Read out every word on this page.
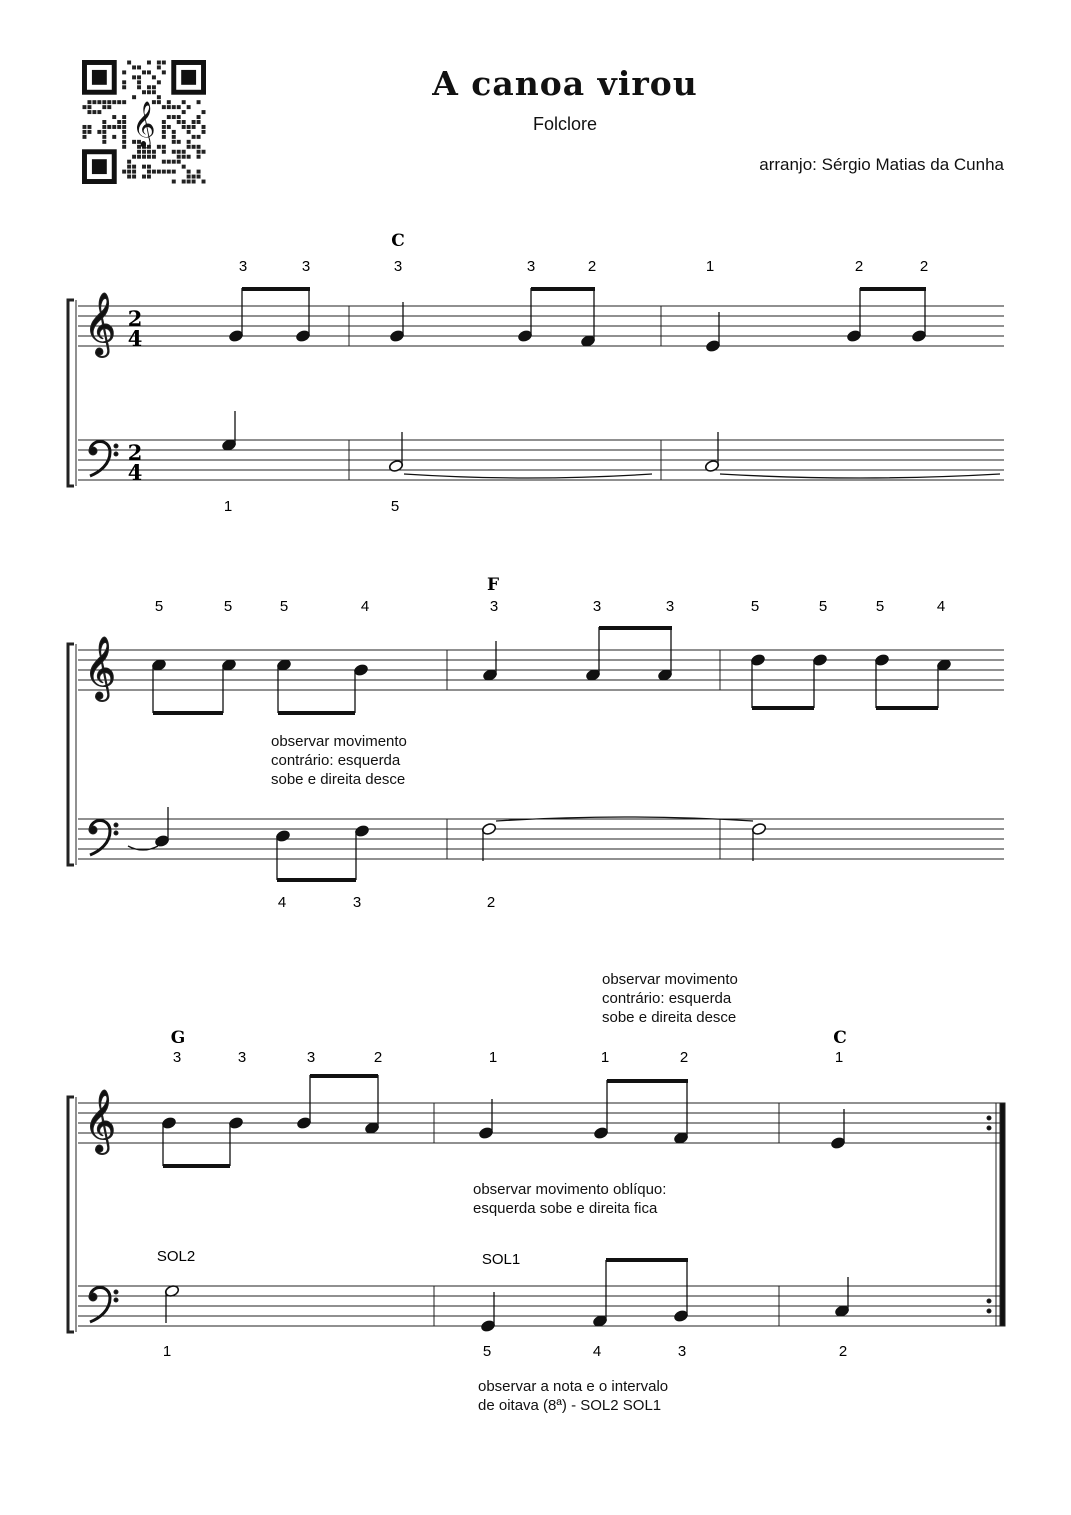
𝄞
A canoa virou
Folclore
arranjo: Sérgio Matias da Cunha
observar movimento
contrário: esquerda
sobe e direita desce
observar movimento
contrário: esquerda
sobe e direita desce
observar movimento oblíquo:
esquerda sobe e direita fica
observar a nota e o intervalo
de oitava (8ª) - SOL2 SOL1
𝄞
𝄞
𝄞
C
3	3	3	3	2	1	2	2
1	5
F
5	5	5	4	3	3	3	5	5	5	4
4	3	2
G	C
3	3	3	2	1	1	2	1
SOL2	SOL1
1	5	4	3	2
2
4
2
4
